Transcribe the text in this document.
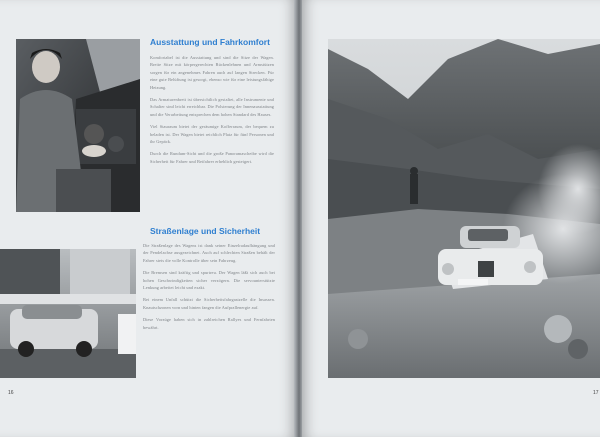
Ausstattung und Fahrkomfort

Komfortabel ist die Ausstattung und sind die Sitze der Wagen. Breite Sitze mit körpergerechten Rückenlehnen und Armstützen sorgen für ein angenehmes Fahren auch auf langen Strecken. Für eine gute Belüftung ist gesorgt, ebenso wie für eine leistungsfähige Heizung.

Das Armaturenbrett ist übersichtlich gestaltet, alle Instrumente und Schalter sind leicht erreichbar. Die Polsterung der Innenausstattung und die Verarbeitung entsprechen dem hohen Standard des Hauses.

Viel Stauraum bietet der geräumige Kofferraum, der bequem zu beladen ist. Der Wagen bietet reichlich Platz für fünf Personen und ihr Gepäck.

Durch die Rundum-Sicht und die große Panoramascheibe wird die Sicherheit für Fahrer und Beifahrer erheblich gesteigert.

Straßenlage und Sicherheit

Die Straßenlage des Wagens ist dank seiner Einzelradaufhängung und der Pendelachse ausgezeichnet. Auch auf schlechten Straßen behält der Fahrer stets die volle Kontrolle über sein Fahrzeug.

Die Bremsen sind kräftig und spurtreu. Der Wagen läßt sich auch bei hohen Geschwindigkeiten sicher verzögern. Die servounterstützte Lenkung arbeitet leicht und exakt.

Bei einem Unfall schützt die Sicherheitsfahrgastzelle die Insassen. Knautschzonen vorn und hinten fangen die Aufprallenergie auf.

Diese Vorzüge haben sich in zahlreichen Rallyes und Fernfahrten bewährt.

16	17
